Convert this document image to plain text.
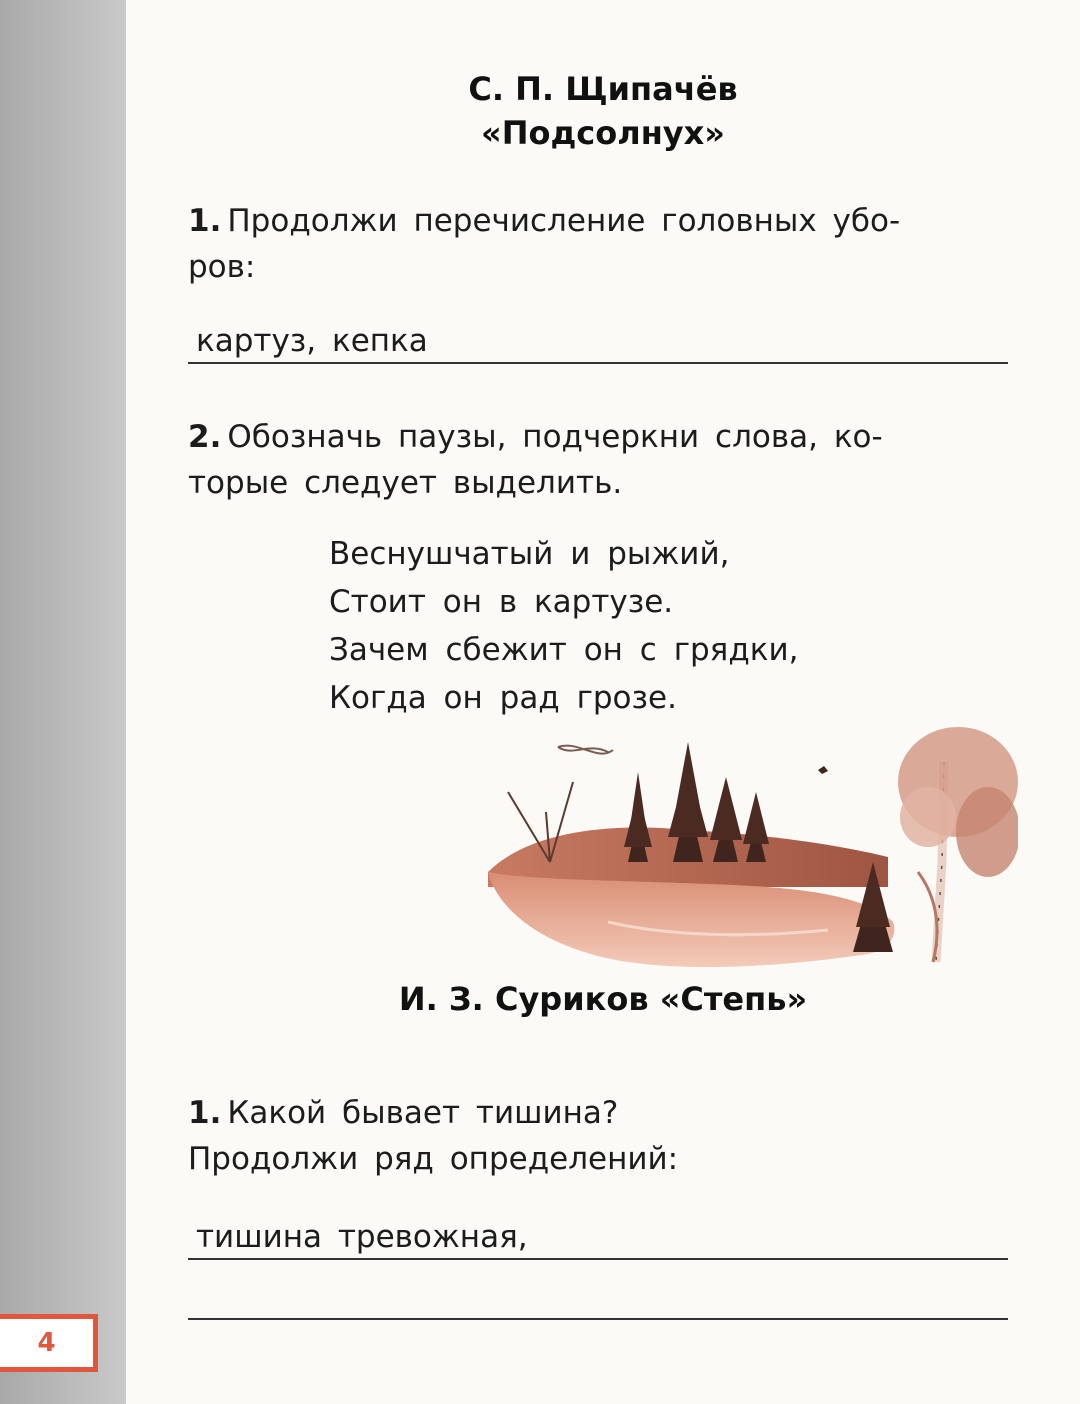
4
С. П. Щипачёв
«Подсолнух»
1. Продолжи перечисление головных убо-
ров:
картуз, кепка
2. Обозначь паузы, подчеркни слова, ко-
торые следует выделить.
Веснушчатый и рыжий,
Стоит он в картузе.
Зачем сбежит он с грядки,
Когда он рад грозе.
И. З. Суриков «Степь»
1. Какой бывает тишина?
Продолжи ряд определений:
тишина тревожная,
